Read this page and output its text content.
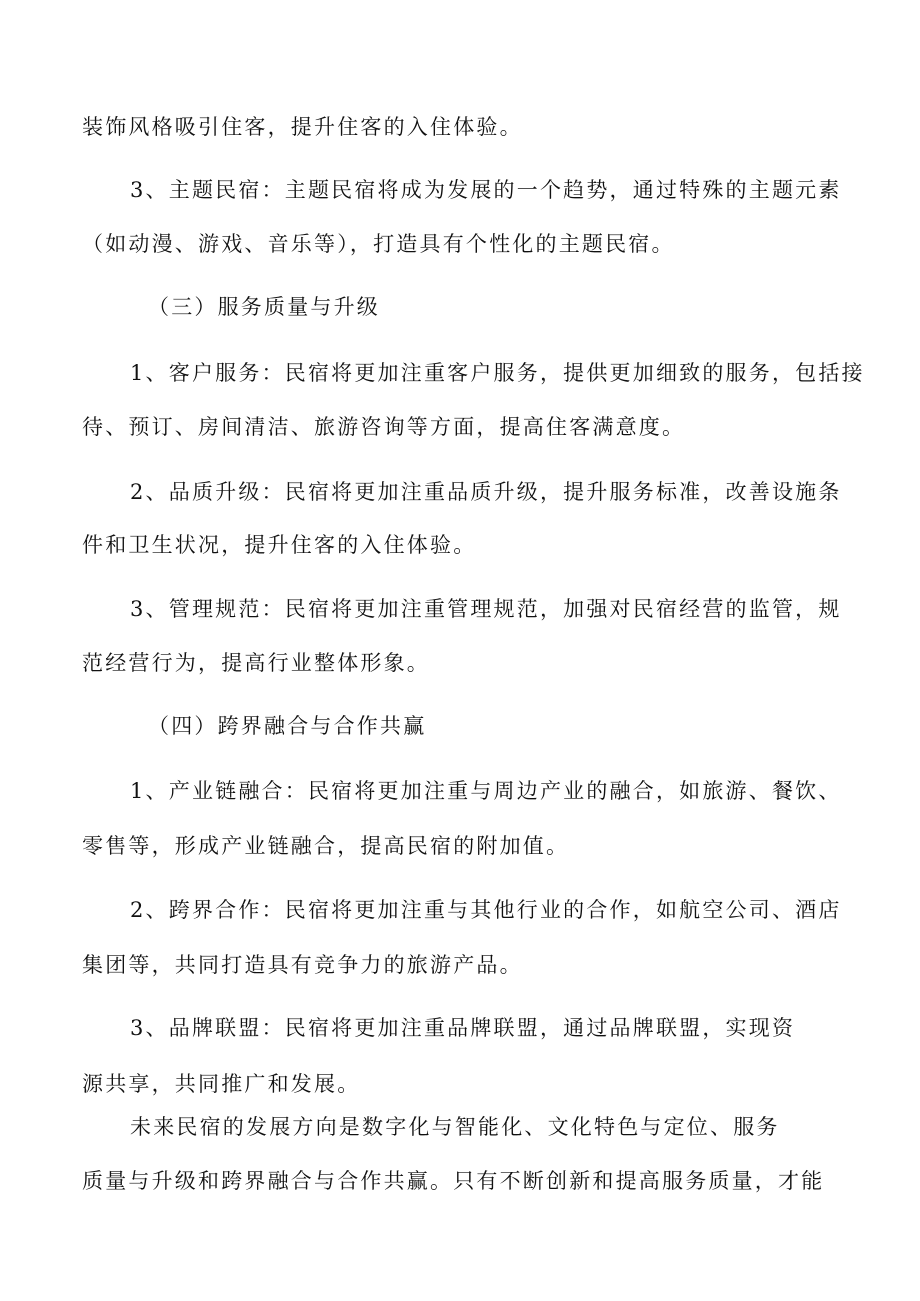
装饰风格吸引住客，提升住客的入住体验。
3、主题民宿：主题民宿将成为发展的一个趋势，通过特殊的主题元素
（如动漫、游戏、音乐等），打造具有个性化的主题民宿。
（三）服务质量与升级
1、客户服务：民宿将更加注重客户服务，提供更加细致的服务，包括接
待、预订、房间清洁、旅游咨询等方面，提高住客满意度。
2、品质升级：民宿将更加注重品质升级，提升服务标准，改善设施条
件和卫生状况，提升住客的入住体验。
3、管理规范：民宿将更加注重管理规范，加强对民宿经营的监管，规
范经营行为，提高行业整体形象。
（四）跨界融合与合作共赢
1、产业链融合：民宿将更加注重与周边产业的融合，如旅游、餐饮、
零售等，形成产业链融合，提高民宿的附加值。
2、跨界合作：民宿将更加注重与其他行业的合作，如航空公司、酒店
集团等，共同打造具有竞争力的旅游产品。
3、品牌联盟：民宿将更加注重品牌联盟，通过品牌联盟，实现资
源共享，共同推广和发展。
未来民宿的发展方向是数字化与智能化、文化特色与定位、服务
质量与升级和跨界融合与合作共赢。只有不断创新和提高服务质量，才能
